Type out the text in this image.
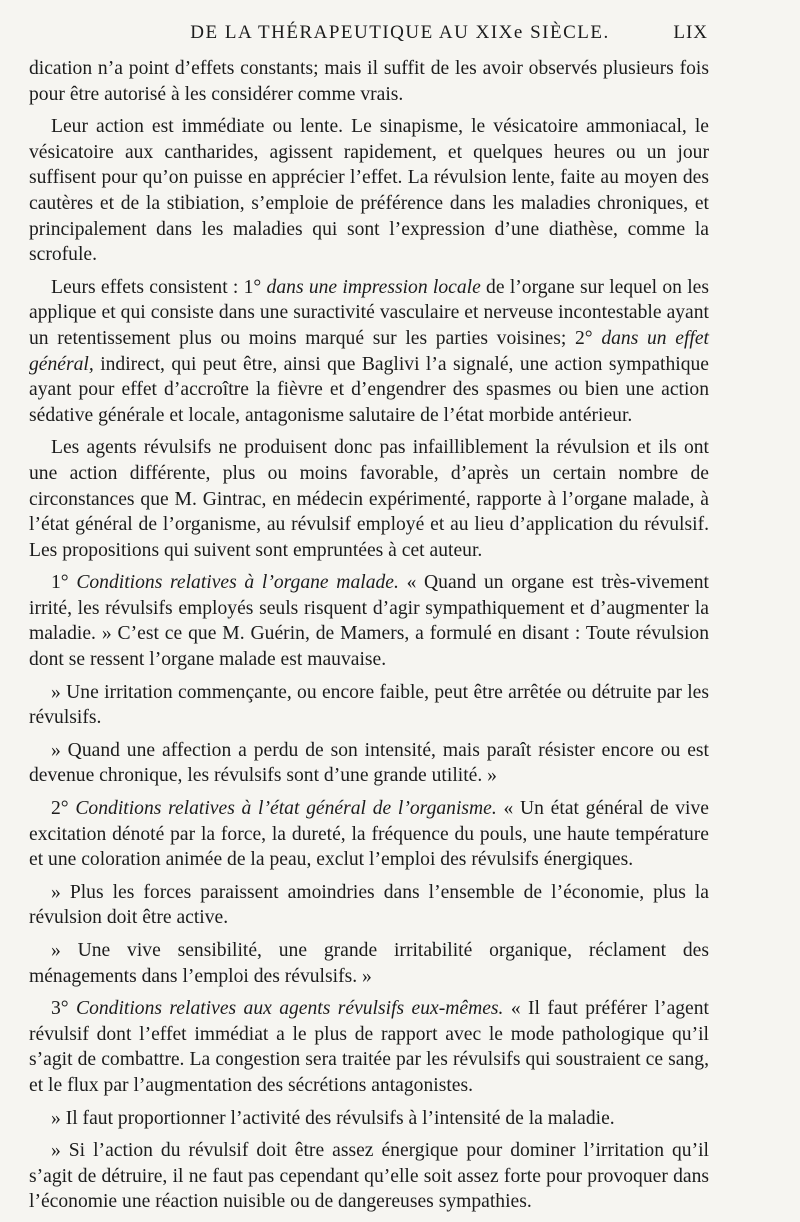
DE LA THÉRAPEUTIQUE AU XIXe SIÈCLE.	LIX

dication n’a point d’effets constants; mais il suffit de les avoir observés plusieurs fois pour être autorisé à les considérer comme vrais.

Leur action est immédiate ou lente. Le sinapisme, le vésicatoire ammoniacal, le vésicatoire aux cantharides, agissent rapidement, et quelques heures ou un jour suffisent pour qu’on puisse en apprécier l’effet. La révulsion lente, faite au moyen des cautères et de la stibiation, s’emploie de préférence dans les maladies chroniques, et principalement dans les maladies qui sont l’expression d’une diathèse, comme la scrofule.

Leurs effets consistent : 1° dans une impression locale de l’organe sur lequel on les applique et qui consiste dans une suractivité vasculaire et nerveuse incontestable ayant un retentissement plus ou moins marqué sur les parties voisines; 2° dans un effet général, indirect, qui peut être, ainsi que Baglivi l’a signalé, une action sympathique ayant pour effet d’accroître la fièvre et d’engendrer des spasmes ou bien une action sédative générale et locale, antagonisme salutaire de l’état morbide antérieur.

Les agents révulsifs ne produisent donc pas infailliblement la révulsion et ils ont une action différente, plus ou moins favorable, d’après un certain nombre de circonstances que M. Gintrac, en médecin expérimenté, rapporte à l’organe malade, à l’état général de l’organisme, au révulsif employé et au lieu d’application du révulsif. Les propositions qui suivent sont empruntées à cet auteur.

1° Conditions relatives à l’organe malade. « Quand un organe est très-vivement irrité, les révulsifs employés seuls risquent d’agir sympathiquement et d’augmenter la maladie. » C’est ce que M. Guérin, de Mamers, a formulé en disant : Toute révulsion dont se ressent l’organe malade est mauvaise.

» Une irritation commençante, ou encore faible, peut être arrêtée ou détruite par les révulsifs.

» Quand une affection a perdu de son intensité, mais paraît résister encore ou est devenue chronique, les révulsifs sont d’une grande utilité. »

2° Conditions relatives à l’état général de l’organisme. « Un état général de vive excitation dénoté par la force, la dureté, la fréquence du pouls, une haute température et une coloration animée de la peau, exclut l’emploi des révulsifs énergiques.

» Plus les forces paraissent amoindries dans l’ensemble de l’économie, plus la révulsion doit être active.

» Une vive sensibilité, une grande irritabilité organique, réclament des ménagements dans l’emploi des révulsifs. »

3° Conditions relatives aux agents révulsifs eux-mêmes. « Il faut préférer l’agent révulsif dont l’effet immédiat a le plus de rapport avec le mode pathologique qu’il s’agit de combattre. La congestion sera traitée par les révulsifs qui soustraient ce sang, et le flux par l’augmentation des sécrétions antagonistes.

» Il faut proportionner l’activité des révulsifs à l’intensité de la maladie.

» Si l’action du révulsif doit être assez énergique pour dominer l’irritation qu’il s’agit de détruire, il ne faut pas cependant qu’elle soit assez forte pour provoquer dans l’économie une réaction nuisible ou de dangereuses sympathies.
